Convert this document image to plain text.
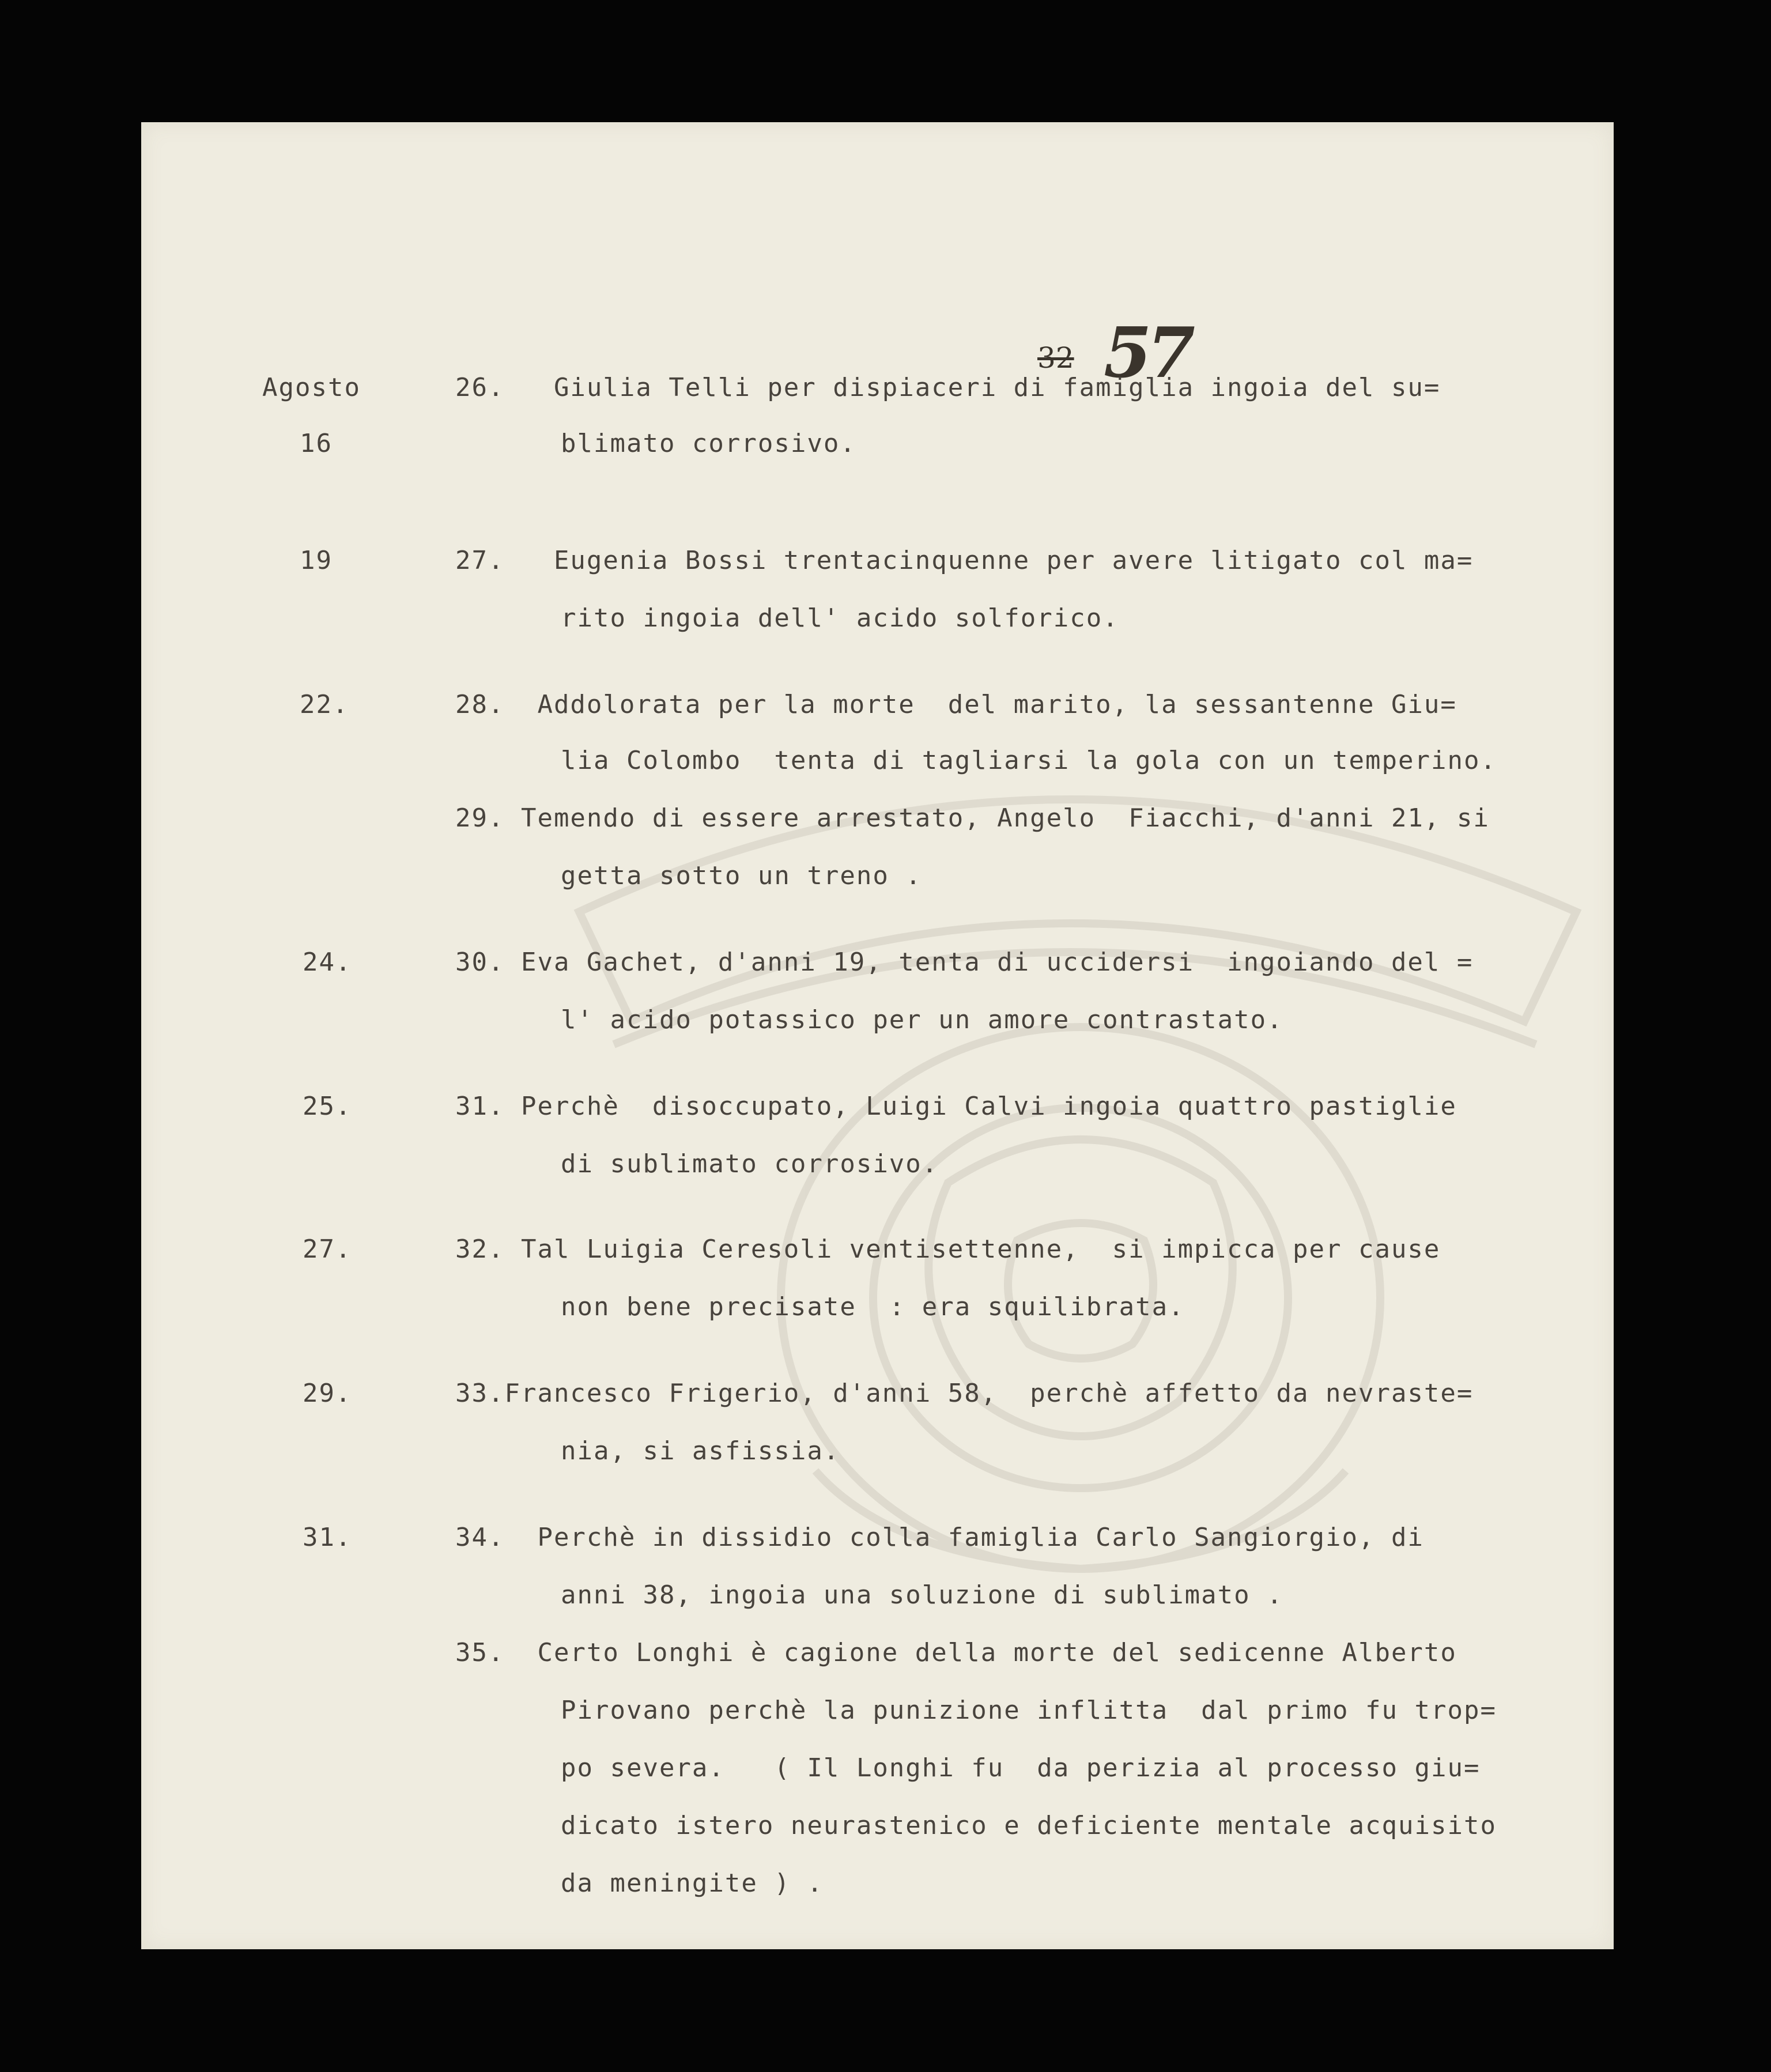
32 57
Agosto
16
19
22.
24.
25.
27.
29.
31.
26.   Giulia Telli per dispiaceri di famiglia ingoia del su=
blimato corrosivo.
27.   Eugenia Bossi trentacinquenne per avere litigato col ma=
rito ingoia dell' acido solforico.
28.  Addolorata per la morte  del marito, la sessantenne Giu=
lia Colombo  tenta di tagliarsi la gola con un temperino.
29. Temendo di essere arrestato, Angelo  Fiacchi, d'anni 21, si
getta sotto un treno .
30. Eva Gachet, d'anni 19, tenta di uccidersi  ingoiando del =
l' acido potassico per un amore contrastato.
31. Perchè  disoccupato, Luigi Calvi ingoia quattro pastiglie
di sublimato corrosivo.
32. Tal Luigia Ceresoli ventisettenne,  si impicca per cause
non bene precisate  : era squilibrata.
33.Francesco Frigerio, d'anni 58,  perchè affetto da nevraste=
nia, si asfissia.
34.  Perchè in dissidio colla famiglia Carlo Sangiorgio, di
anni 38, ingoia una soluzione di sublimato .
35.  Certo Longhi è cagione della morte del sedicenne Alberto
Pirovano perchè la punizione inflitta  dal primo fu trop=
po severa.   ( Il Longhi fu  da perizia al processo giu=
dicato istero neurastenico e deficiente mentale acquisito
da meningite ) .
